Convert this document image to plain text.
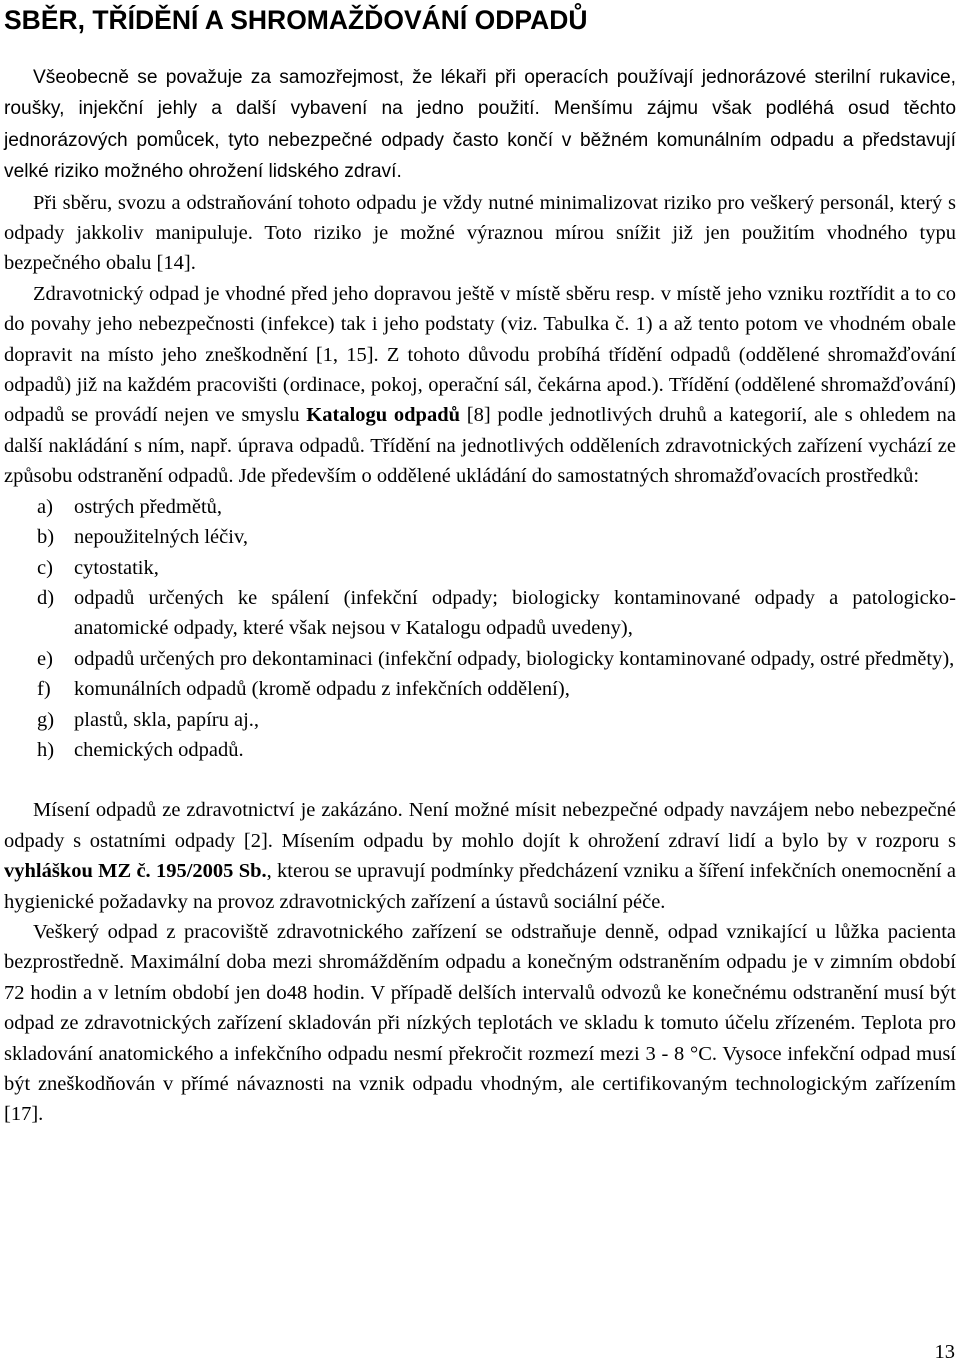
SBĚR, TŘÍDĚNÍ A SHROMAŽĎOVÁNÍ ODPADŮ

Všeobecně se považuje za samozřejmost, že lékaři při operacích používají jednorázové sterilní rukavice, roušky, injekční jehly a další vybavení na jedno použití. Menšímu zájmu však podléhá osud těchto jednorázových pomůcek, tyto nebezpečné odpady často končí v běžném komunálním odpadu a představují velké riziko možného ohrožení lidského zdraví.
Při sběru, svozu a odstraňování tohoto odpadu je vždy nutné minimalizovat riziko pro veškerý personál, který s odpady jakkoliv manipuluje. Toto riziko je možné výraznou mírou snížit již jen použitím vhodného typu bezpečného obalu [14].

Zdravotnický odpad je vhodné před jeho dopravou ještě v místě sběru resp. v místě jeho vzniku roztřídit a to co do povahy jeho nebezpečnosti (infekce) tak i jeho podstaty (viz. Tabulka č. 1) a až tento potom ve vhodném obale dopravit na místo jeho zneškodnění [1, 15]. Z tohoto důvodu probíhá třídění odpadů (oddělené shromažďování odpadů) již na každém pracovišti (ordinace, pokoj, operační sál, čekárna apod.). Třídění (oddělené shromažďování) odpadů se provádí nejen ve smyslu Katalogu odpadů [8] podle jednotlivých druhů a kategorií, ale s ohledem na další nakládání s ním, např. úprava odpadů. Třídění na jednotlivých odděleních zdravotnických zařízení vychází ze způsobu odstranění odpadů. Jde především o oddělené ukládání do samostatných shromažďovacích prostředků:

a) ostrých předmětů,
b) nepoužitelných léčiv,
c) cytostatik,
d) odpadů určených ke spálení (infekční odpady; biologicky kontaminované odpady a patologicko-anatomické odpady, které však nejsou v Katalogu odpadů uvedeny),
e) odpadů určených pro dekontaminaci (infekční odpady, biologicky kontaminované odpady, ostré předměty),
f) komunálních odpadů (kromě odpadu z infekčních oddělení),
g) plastů, skla, papíru aj.,
h) chemických odpadů.

Mísení odpadů ze zdravotnictví je zakázáno. Není možné mísit nebezpečné odpady navzájem nebo nebezpečné odpady s ostatními odpady [2]. Mísením odpadu by mohlo dojít k ohrožení zdraví lidí a bylo by v rozporu s vyhláškou MZ č. 195/2005 Sb., kterou se upravují podmínky předcházení vzniku a šíření infekčních onemocnění a hygienické požadavky na provoz zdravotnických zařízení a ústavů sociální péče.

Veškerý odpad z pracoviště zdravotnického zařízení se odstraňuje denně, odpad vznikající u lůžka pacienta bezprostředně. Maximální doba mezi shromážděním odpadu a konečným odstraněním odpadu je v zimním období 72 hodin a v letním období jen do48 hodin. V případě delších intervalů odvozů ke konečnému odstranění musí být odpad ze zdravotnických zařízení skladován při nízkých teplotách ve skladu k tomuto účelu zřízeném. Teplota pro skladování anatomického a infekčního odpadu nesmí překročit rozmezí mezi 3 - 8 °C. Vysoce infekční odpad musí být zneškodňován v přímé návaznosti na vznik odpadu vhodným, ale certifikovaným technologickým zařízením [17].

13
